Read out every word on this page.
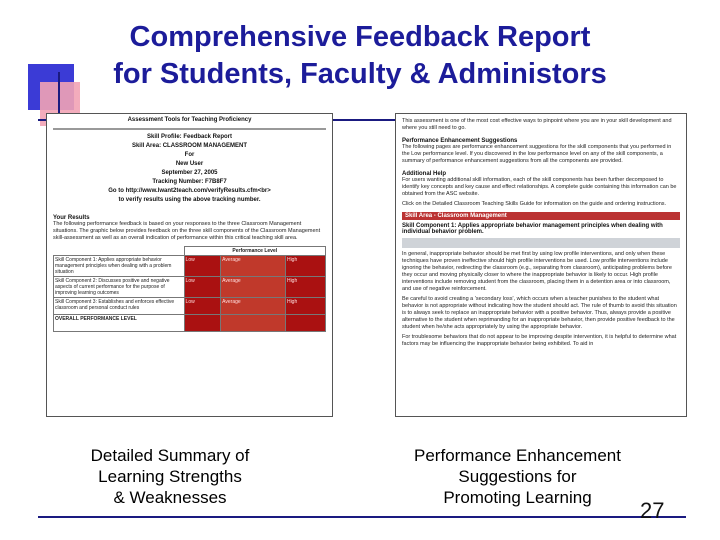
Comprehensive Feedback Report
for Students, Faculty & Administors
Assessment Tools for Teaching Proficiency
Skill Profile: Feedback Report
Skill Area: CLASSROOM MANAGEMENT
For
New User
September 27, 2005
Tracking Number: F7B8F7
Go to http://www.lwant2teach.com/verifyResults.cfm<br>
to verify results using the above tracking number.
Your Results
The following performance feedback is based on your responses to the three Classroom Management situations. The graphic below provides feedback on the three skill components of the Classroom Management skill-assessment as well as an overall indication of performance within this critical teaching skill area.
	Performance Level		
Skill Component 1: Applies appropriate behavior management principles when dealing with a problem situation	Low	Average	High
Skill Component 2: Discusses positive and negative aspects of current performance for the purpose of improving learning outcomes	Low	Average	High
Skill Component 3: Establishes and enforces effective classroom and personal conduct rules	Low	Average	High
OVERALL PERFORMANCE LEVEL			
This assessment is one of the most cost effective ways to pinpoint where you are in your skill development and where you still need to go.
Performance Enhancement Suggestions
The following pages are performance enhancement suggestions for the skill components that you performed in the Low performance level. If you discovered in the low performance level on any of the skill components, a summary of performance enhancement suggestions from all the components are provided.
Additional Help
For users wanting additional skill information, each of the skill components has been further decomposed to identify key concepts and key cause and effect relationships. A complete guide containing this information can be obtained from the ASC website.
Click on the Detailed Classroom Teaching Skills Guide for information on the guide and ordering instructions.
Skill Area - Classroom Management
Skill Component 1: Applies appropriate behavior management principles when dealing with individual behavior problem.
In general, inappropriate behavior should be met first by using low profile interventions, and only when these techniques have proven ineffective should high profile interventions be used. Low profile interventions include ignoring the behavior, redirecting the classroom (e.g., separating from classroom), anticipating problems before they occur and moving physically closer to where the inappropriate behavior is likely to occur. High profile interventions include removing student from the classroom, placing them in a detention area or into classroom, and use of negative reinforcement.
Be careful to avoid creating a 'secondary loss', which occurs when a teacher punishes to the student what behavior is not appropriate without indicating how the student should act. The rule of thumb to avoid this situation is to always seek to replace an inappropriate behavior with a positive behavior. Thus, always provide a positive alternative to the student when reprimanding for an inappropriate behavior, then provide positive feedback to the student when he/she acts appropriately by using the appropriate behavior.
For troublesome behaviors that do not appear to be improving despite intervention, it is helpful to determine what factors may be influencing the inappropriate behavior being exhibited. To aid in
Detailed Summary of
Learning Strengths
& Weaknesses
Performance Enhancement
Suggestions for
Promoting Learning
27
